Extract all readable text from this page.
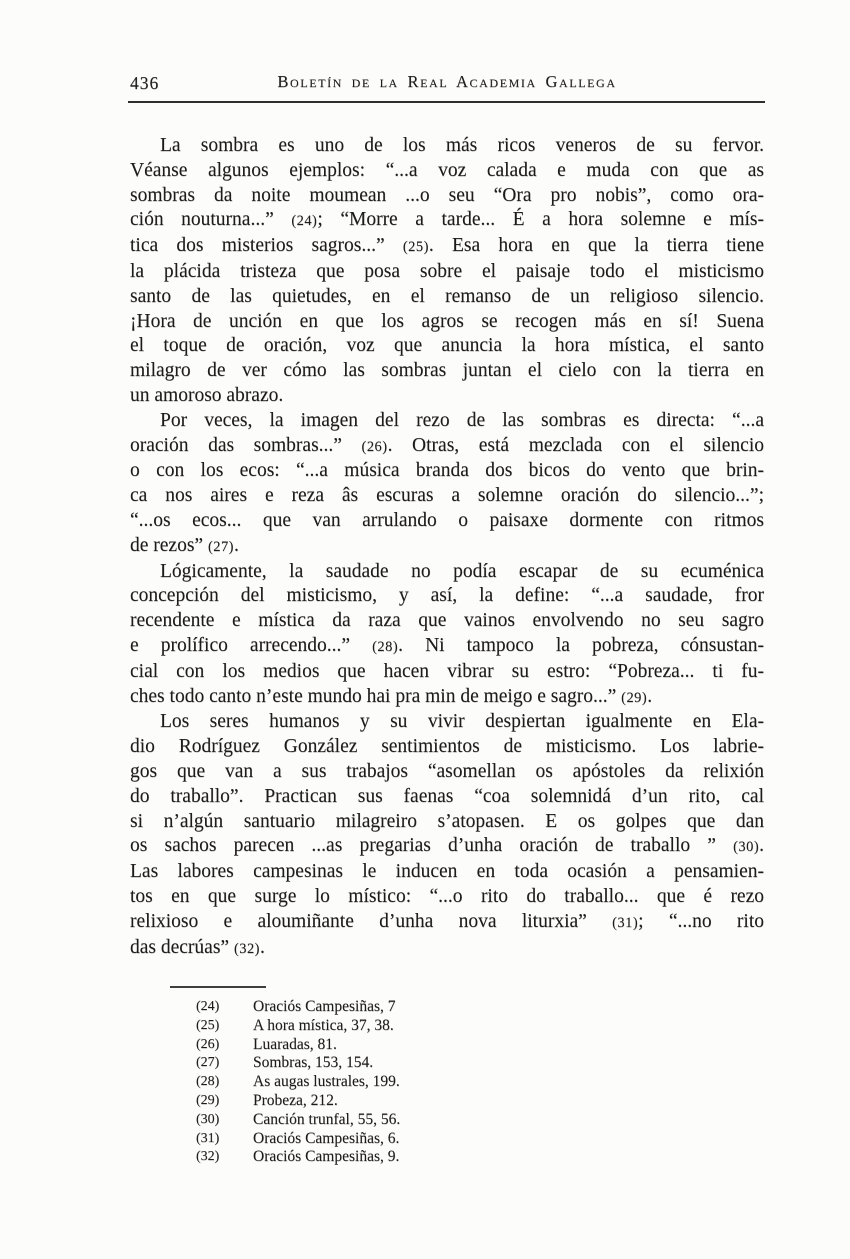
436	Boletín de la Real Academia Gallega
La sombra es uno de los más ricos veneros de su fervor.
Véanse algunos ejemplos: “...a voz calada e muda con que as
sombras da noite moumean ...o seu “Ora pro nobis”, como ora-
ción nouturna...” (24); “Morre a tarde... É a hora solemne e mís-
tica dos misterios sagros...” (25). Esa hora en que la tierra tiene
la plácida tristeza que posa sobre el paisaje todo el misticismo
santo de las quietudes, en el remanso de un religioso silencio.
¡Hora de unción en que los agros se recogen más en sí! Suena
el toque de oración, voz que anuncia la hora mística, el santo
milagro de ver cómo las sombras juntan el cielo con la tierra en
un amoroso abrazo.
Por veces, la imagen del rezo de las sombras es directa: “...a
oración das sombras...” (26). Otras, está mezclada con el silencio
o con los ecos: “...a música branda dos bicos do vento que brin-
ca nos aires e reza âs escuras a solemne oración do silencio...”;
“...os ecos... que van arrulando o paisaxe dormente con ritmos
de rezos” (27).
Lógicamente, la saudade no podía escapar de su ecuménica
concepción del misticismo, y así, la define: “...a saudade, fror
recendente e mística da raza que vainos envolvendo no seu sagro
e prolífico arrecendo...” (28). Ni tampoco la pobreza, cónsustan-
cial con los medios que hacen vibrar su estro: “Pobreza... ti fu-
ches todo canto n’este mundo hai pra min de meigo e sagro...” (29).
Los seres humanos y su vivir despiertan igualmente en Ela-
dio Rodríguez González sentimientos de misticismo. Los labrie-
gos que van a sus trabajos “asomellan os apóstoles da relixión
do traballo”. Practican sus faenas “coa solemnidá d’un rito, cal
si n’algún santuario milagreiro s’atopasen. E os golpes que dan
os sachos parecen ...as pregarias d’unha oración de traballo ” (30).
Las labores campesinas le inducen en toda ocasión a pensamien-
tos en que surge lo místico: “...o rito do traballo... que é rezo
relixioso e aloumiñante d’unha nova liturxia” (31); “...no rito
das decrúas” (32).
(24)	Oraciós Campesiñas, 7
(25)	A hora mística, 37, 38.
(26)	Luaradas, 81.
(27)	Sombras, 153, 154.
(28)	As augas lustrales, 199.
(29)	Probeza, 212.
(30)	Canción trunfal, 55, 56.
(31)	Oraciós Campesiñas, 6.
(32)	Oraciós Campesiñas, 9.
